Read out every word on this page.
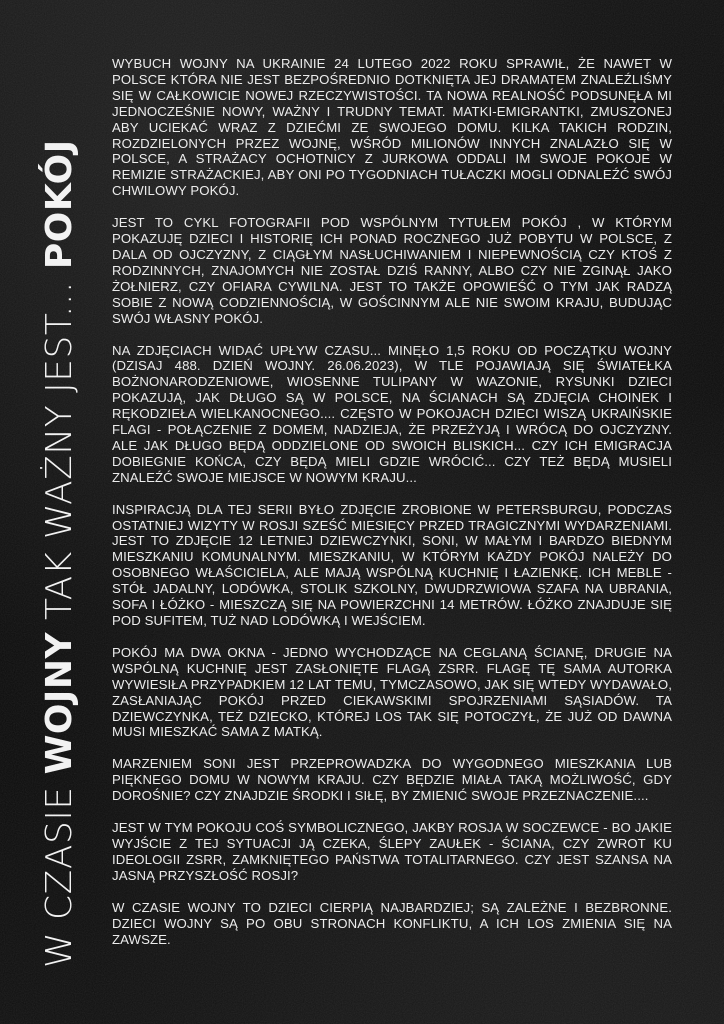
W CZASIE WOJNY TAK WAŻNY JEST... POKÓJ

WYBUCH WOJNY NA UKRAINIE 24 LUTEGO 2022 ROKU SPRAWIŁ, ŻE NAWET W POLSCE KTÓRA NIE JEST BEZPOŚREDNIO DOTKNIĘTA JEJ DRAMATEM ZNALEŹLIŚMY SIĘ W CAŁKOWICIE NOWEJ RZECZYWISTOŚCI. TA NOWA REALNOŚĆ PODSUNĘŁA MI JEDNOCZEŚNIE NOWY, WAŻNY I TRUDNY TEMAT. MATKI-EMIGRANTKI, ZMUSZONEJ ABY UCIEKAĆ WRAZ Z DZIEĆMI ZE SWOJEGO DOMU. KILKA TAKICH RODZIN, ROZDZIELONYCH PRZEZ WOJNĘ, WŚRÓD MILIONÓW INNYCH ZNALAZŁO SIĘ W POLSCE, A STRAŻACY OCHOTNICY Z JURKOWA ODDALI IM SWOJE POKOJE W REMIZIE STRAŻACKIEJ, ABY ONI PO TYGODNIACH TUŁACZKI MOGLI ODNALEŹĆ SWÓJ CHWILOWY POKÓJ.

JEST TO CYKL FOTOGRAFII POD WSPÓLNYM TYTUŁEM POKÓJ , W KTÓRYM POKAZUJĘ DZIECI I HISTORIĘ ICH PONAD ROCZNEGO JUŻ POBYTU W POLSCE, Z DALA OD OJCZYZNY, Z CIĄGŁYM NASŁUCHIWANIEM I NIEPEWNOŚCIĄ CZY KTOŚ Z RODZINNYCH, ZNAJOMYCH NIE ZOSTAŁ DZIŚ RANNY, ALBO CZY NIE ZGINĄŁ JAKO ŻOŁNIERZ, CZY OFIARA CYWILNA. JEST TO TAKŻE OPOWIEŚĆ O TYM JAK RADZĄ SOBIE Z NOWĄ CODZIENNOŚCIĄ, W GOŚCINNYM ALE NIE SWOIM KRAJU, BUDUJĄC SWÓJ WŁASNY POKÓJ.

NA ZDJĘCIACH WIDAĆ UPŁYW CZASU... MINĘŁO 1,5 ROKU OD POCZĄTKU WOJNY (DZISAJ 488. DZIEŃ WOJNY. 26.06.2023), W TLE POJAWIAJĄ SIĘ ŚWIATEŁKA BOŻNONARODZENIOWE, WIOSENNE TULIPANY W WAZONIE, RYSUNKI DZIECI POKAZUJĄ, JAK DŁUGO SĄ W POLSCE, NA ŚCIANACH SĄ ZDJĘCIA CHOINEK I RĘKODZIEŁA WIELKANOCNEGO.... CZĘSTO W POKOJACH DZIECI WISZĄ UKRAIŃSKIE FLAGI - POŁĄCZENIE Z DOMEM, NADZIEJA, ŻE PRZEŻYJĄ I WRÓCĄ DO OJCZYZNY. ALE JAK DŁUGO BĘDĄ ODDZIELONE OD SWOICH BLISKICH... CZY ICH EMIGRACJA DOBIEGNIE KOŃCA, CZY BĘDĄ MIELI GDZIE WRÓCIĆ... CZY TEŻ BĘDĄ MUSIELI ZNALEŹĆ SWOJE MIEJSCE W NOWYM KRAJU...

INSPIRACJĄ DLA TEJ SERII BYŁO ZDJĘCIE ZROBIONE W PETERSBURGU, PODCZAS OSTATNIEJ WIZYTY W ROSJI SZEŚĆ MIESIĘCY PRZED TRAGICZNYMI WYDARZENIAMI. JEST TO ZDJĘCIE 12 LETNIEJ DZIEWCZYNKI, SONI, W MAŁYM I BARDZO BIEDNYM MIESZKANIU KOMUNALNYM. MIESZKANIU, W KTÓRYM KAŻDY POKÓJ NALEŻY DO OSOBNEGO WŁAŚCICIELA, ALE MAJĄ WSPÓLNĄ KUCHNIĘ I ŁAZIENKĘ. ICH MEBLE - STÓŁ JADALNY, LODÓWKA, STOLIK SZKOLNY, DWUDRZWIOWA SZAFA NA UBRANIA, SOFA I ŁÓŻKO - MIESZCZĄ SIĘ NA POWIERZCHNI 14 METRÓW. ŁÓŻKO ZNAJDUJE SIĘ POD SUFITEM, TUŻ NAD LODÓWKĄ I WEJŚCIEM.

POKÓJ MA DWA OKNA - JEDNO WYCHODZĄCE NA CEGLANĄ ŚCIANĘ, DRUGIE NA WSPÓLNĄ KUCHNIĘ JEST ZASŁONIĘTE FLAGĄ ZSRR. FLAGĘ TĘ SAMA AUTORKA WYWIESIŁA PRZYPADKIEM 12 LAT TEMU, TYMCZASOWO, JAK SIĘ WTEDY WYDAWAŁO, ZASŁANIAJĄC POKÓJ PRZED CIEKAWSKIMI SPOJRZENIAMI SĄSIADÓW. TA DZIEWCZYNKA, TEŻ DZIECKO, KTÓREJ LOS TAK SIĘ POTOCZYŁ, ŻE JUŻ OD DAWNA MUSI MIESZKAĆ SAMA Z MATKĄ.

MARZENIEM SONI JEST PRZEPROWADZKA DO WYGODNEGO MIESZKANIA LUB PIĘKNEGO DOMU W NOWYM KRAJU. CZY BĘDZIE MIAŁA TAKĄ MOŻLIWOŚĆ, GDY DOROŚNIE? CZY ZNAJDZIE ŚRODKI I SIŁĘ, BY ZMIENIĆ SWOJE PRZEZNACZENIE....

JEST W TYM POKOJU COŚ SYMBOLICZNEGO, JAKBY ROSJA W SOCZEWCE - BO JAKIE WYJŚCIE Z TEJ SYTUACJI JĄ CZEKA, ŚLEPY ZAUŁEK - ŚCIANA, CZY ZWROT KU IDEOLOGII ZSRR, ZAMKNIĘTEGO PAŃSTWA TOTALITARNEGO. CZY JEST SZANSA NA JASNĄ PRZYSZŁOŚĆ ROSJI?

W CZASIE WOJNY TO DZIECI CIERPIĄ NAJBARDZIEJ; SĄ ZALEŻNE I BEZBRONNE. DZIECI WOJNY SĄ PO OBU STRONACH KONFLIKTU, A ICH LOS ZMIENIA SIĘ NA ZAWSZE.
